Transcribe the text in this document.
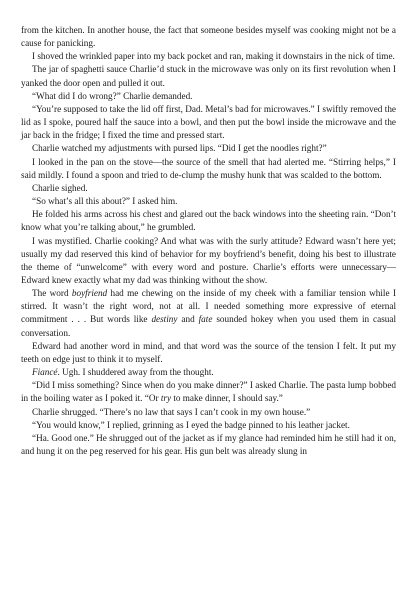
from the kitchen. In another house, the fact that someone besides myself was cooking might not be a cause for panicking.

I shoved the wrinkled paper into my back pocket and ran, making it downstairs in the nick of time.

The jar of spaghetti sauce Charlie’d stuck in the microwave was only on its first revolution when I yanked the door open and pulled it out.

“What did I do wrong?” Charlie demanded.

“You’re supposed to take the lid off first, Dad. Metal’s bad for microwaves.” I swiftly removed the lid as I spoke, poured half the sauce into a bowl, and then put the bowl inside the microwave and the jar back in the fridge; I fixed the time and pressed start.

Charlie watched my adjustments with pursed lips. “Did I get the noodles right?”

I looked in the pan on the stove—the source of the smell that had alerted me. “Stirring helps,” I said mildly. I found a spoon and tried to de-clump the mushy hunk that was scalded to the bottom.

Charlie sighed.

“So what’s all this about?” I asked him.

He folded his arms across his chest and glared out the back windows into the sheeting rain. “Don’t know what you’re talking about,” he grumbled.

I was mystified. Charlie cooking? And what was with the surly attitude? Edward wasn’t here yet; usually my dad reserved this kind of behavior for my boyfriend’s benefit, doing his best to illustrate the theme of “unwelcome” with every word and posture. Charlie’s efforts were unnecessary—Edward knew exactly what my dad was thinking without the show.

The word boyfriend had me chewing on the inside of my cheek with a familiar tension while I stirred. It wasn’t the right word, not at all. I needed something more expressive of eternal commitment . . . But words like destiny and fate sounded hokey when you used them in casual conversation.

Edward had another word in mind, and that word was the source of the tension I felt. It put my teeth on edge just to think it to myself.

Fiancé. Ugh. I shuddered away from the thought.

“Did I miss something? Since when do you make dinner?” I asked Charlie. The pasta lump bobbed in the boiling water as I poked it. “Or try to make dinner, I should say.”

Charlie shrugged. “There’s no law that says I can’t cook in my own house.”

“You would know,” I replied, grinning as I eyed the badge pinned to his leather jacket.

“Ha. Good one.” He shrugged out of the jacket as if my glance had reminded him he still had it on, and hung it on the peg reserved for his gear. His gun belt was already slung in
